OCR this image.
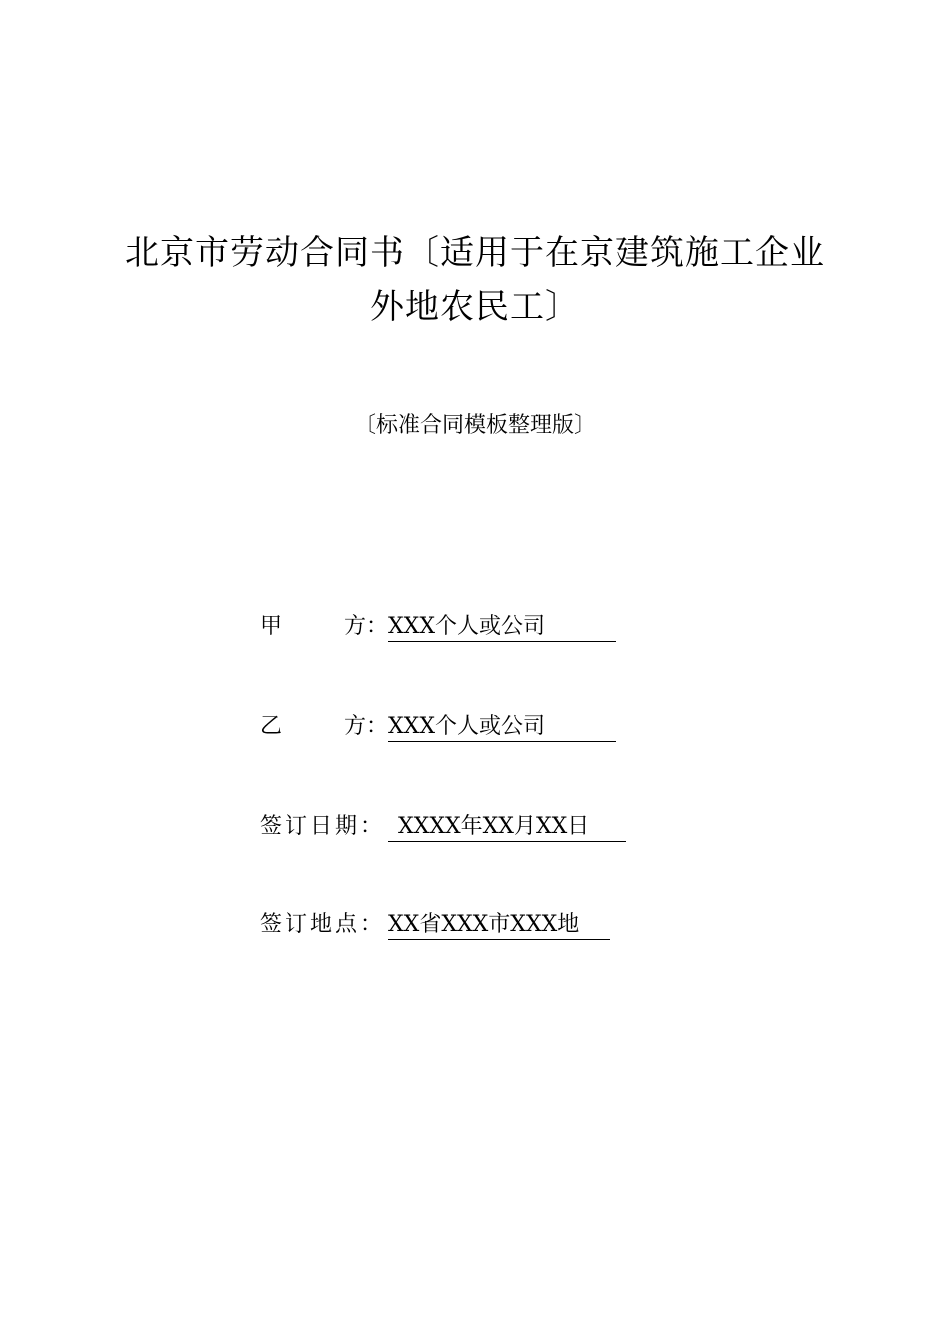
北京市劳动合同书〔适用于在京建筑施工企业
外地农民工〕
〔标准合同模板整理版〕
甲	方： XXX个人或公司
乙	方： XXX个人或公司
签订日期： XXXX年XX月XX日
签订地点： XX省XXX市XXX地
